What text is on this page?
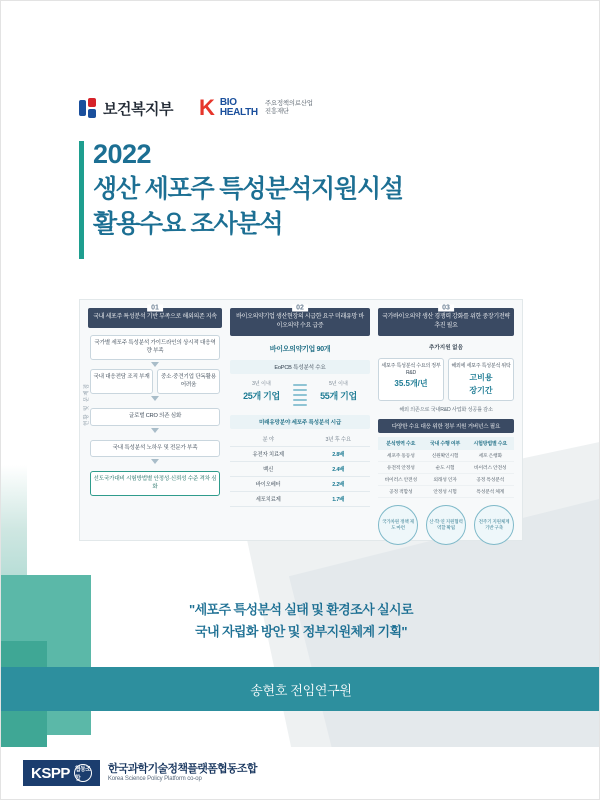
보건복지부 K BIO
HEALTH
주요정책의료산업
진흥재단
2022
생산 세포주 특성분석지원시설
활용수요 조사분석
국내 세포주 특성분석 기반 부족으로 해외의존 지속
01
국가별 세포주 특성분석 가이드라인의 상시적 대응역량 부족
국내 대응전담 조직 부재	중소·중견기업 단독활용 어려움
글로벌 CRO 의존 심화
국내 특성분석 노하우 및 전문가 부족
선도국가대비 시험방법별 안정성·신뢰성 수준 격차 심화
현황 및 문제점
바이오의약기업 생산현장의 시급한 요구 미래유망 바이오의약 수요 급증
02
바이오의약기업 90개
EoPCB 특성분석 수요
3년 이내
25개 기업
5년 이내
55개 기업
미래유망분야 세포주 특성분석 시급
분 야	3년 후 수요
유전자 치료제	2.8배
백신	2.4배
바이오베터	2.2배
세포치료제	1.7배
국가바이오의약 생산 경쟁력 강화를 위한 중장기전략 추진 필요
03
추가지원 없음
세포주 특성분석 수요의 정부 R&D
35.5개/년
해외에 세포주 특성분석 위탁
고비용
장기간
해외 의존으로 국내R&D 사업화 성공률 감소
다양한 수요 대응 위한 정부 지원 거버넌스 필요
분석영역 수요	국내 수행 여부	시험방법별 수요
세포주 동등성	신원확인시험	세포 은행화
유전적 안정성	순도 시험	바이러스 안전성
바이러스 안전성	외래성 인자	공정 특성분석
공정 적합성	안정성 시험	특성분석 체계
국가차원 정책 제도 마련
산·학·연 지원협력 역할 확립
전주기 지원체계 기반 구축
"세포주 특성분석 실태 및 환경조사 실시로
국내 자립화 방안 및 정부지원체계 기획"
송현호 전임연구원
KSPP 협동조합
한국과학기술정책플랫폼협동조합
Korea Science Policy Platform co-op
